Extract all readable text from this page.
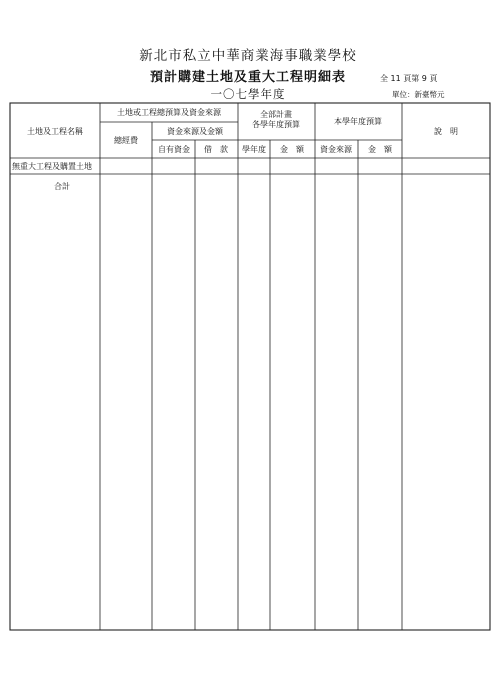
新北市私立中華商業海事職業學校
預計購建土地及重大工程明細表
一〇七學年度
全 11 頁第 9 頁
單位：新臺幣元
土地及工程名稱
土地或工程總預算及資金來源
總經費
資金來源及金額
自有資金 借　款
全部計畫各學年度預算
學年度 金　額
本學年度預算
資金來源 金　額
說　明
無重大工程及購置土地
合計
